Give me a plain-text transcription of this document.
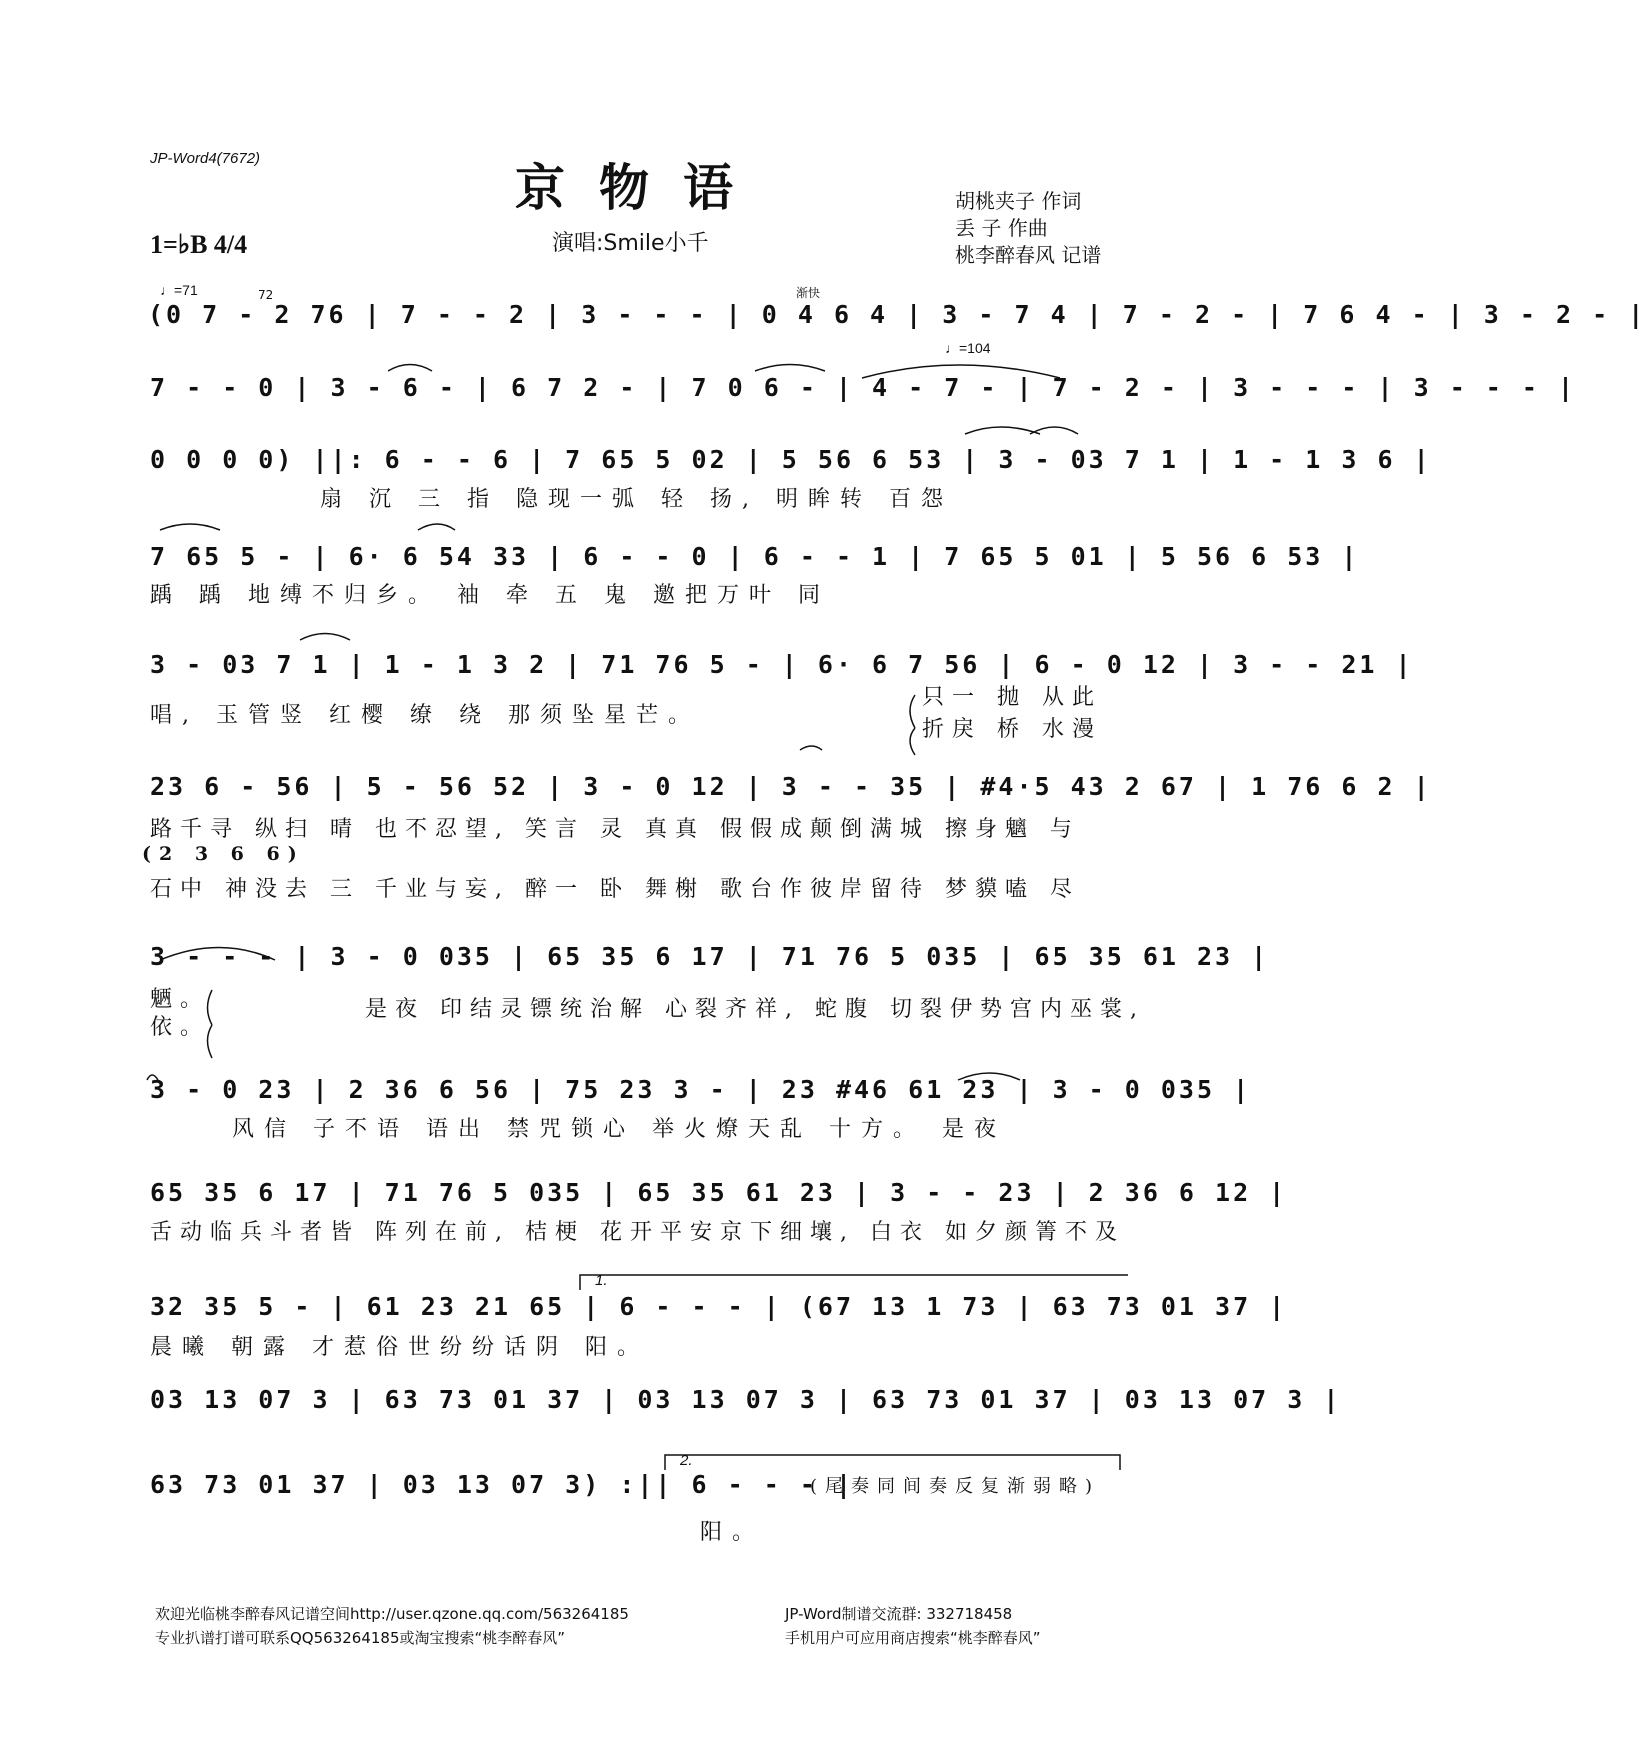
JP-Word4(7672)	京物语
1=♭B 4/4	演唱:Smile小千
胡桃夹子 作词
丢 子 作曲
桃李醉春风 记谱
♩=71	72	渐快
♩=104
(0 7 - 2 76 | 7 - - 2 | 3 - - - | 0 4 6 4 | 3 - 7 4 | 7 - 2 - | 7 6 4 - | 3 - 2 - |
7 - - 0 | 3 - 6 - | 6 7 2 - | 7 0 6 - | 4 - 7 - | 7 - 2 - | 3 - - - | 3 - - - |
0 0 0 0) ||: 6 - - 6 | 7 65 5 02 | 5 56 6 53 | 3 - 03 7 1 | 1 - 1 3 6 |
扇 沉 三 指 隐现一弧 轻 扬, 明眸转 百怨
7 65 5 - | 6· 6 54 33 | 6 - - 0 | 6 - - 1 | 7 65 5 01 | 5 56 6 53 |
踽 踽 地缚不归乡。 袖 牵 五 鬼 邀把万叶 同
3 - 03 7 1 | 1 - 1 3 2 | 71 76 5 - | 6· 6 7 56 | 6 - 0 12 | 3 - - 21 |
唱, 玉管竖 红樱 缭 绕 那须坠星芒。
只一 抛 从此
折戾 桥 水漫
23 6 - 56 | 5 - 56 52 | 3 - 0 12 | 3 - - 35 | #4·5 43 2 67 | 1 76 6 2 |
路千寻 纵扫 晴 也不忍望, 笑言 灵 真真 假假成颠倒满城 擦身魑 与
(2 3 6 6)
石中 神没去 三 千业与妄, 醉一 卧 舞榭 歌台作彼岸留待 梦貘嗑 尽
3 - - - | 3 - 0 035 | 65 35 6 17 | 71 76 5 035 | 65 35 61 23 |
魉。
依。
是夜 印结灵镖统治解 心裂齐祥, 蛇腹 切裂伊势宫内巫裳,
3 - 0 23 | 2 36 6 56 | 75 23 3 - | 23 #46 61 23 | 3 - 0 035 |
风信 子不语 语出 禁咒锁心 举火燎天乱 十方。 是夜
65 35 6 17 | 71 76 5 035 | 65 35 61 23 | 3 - - 23 | 2 36 6 12 |
舌动临兵斗者皆 阵列在前, 桔梗 花开平安京下细壤, 白衣 如夕颜箐不及
1.
32 35 5 - | 61 23 21 65 | 6 - - - | (67 13 1 73 | 63 73 01 37 |
晨曦 朝露 才惹俗世纷纷话阴 阳。
03 13 07 3 | 63 73 01 37 | 03 13 07 3 | 63 73 01 37 | 03 13 07 3 |
2.
63 73 01 37 | 03 13 07 3) :|| 6 - - - |
(尾奏同间奏反复渐弱略)
阳。
欢迎光临桃李醉春风记谱空间http://user.qzone.qq.com/563264185	JP-Word制谱交流群: 332718458
专业扒谱打谱可联系QQ563264185或淘宝搜索“桃李醉春风”	手机用户可应用商店搜索“桃李醉春风”
